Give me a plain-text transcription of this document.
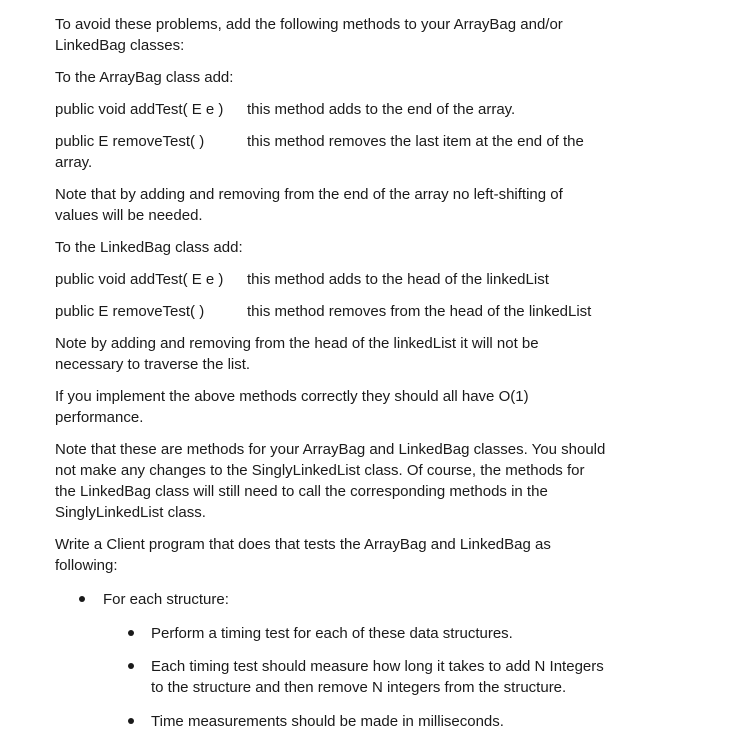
To avoid these problems, add the following methods to your ArrayBag and/or
LinkedBag classes:
To the ArrayBag class add:
public void addTest( E e ) this method adds to the end of the array.
public E removeTest( )	this method removes the last item at the end of the
array.
Note that by adding and removing from the end of the array no left-shifting of
values will be needed.
To the LinkedBag class add:
public void addTest( E e ) this method adds to the head of the linkedList
public E removeTest( )	this method removes from the head of the linkedList
Note by adding and removing from the head of the linkedList it will not be
necessary to traverse the list.
If you implement the above methods correctly they should all have O(1)
performance.
Note that these are methods for your ArrayBag and LinkedBag classes. You should
not make any changes to the SinglyLinkedList class. Of course, the methods for
the LinkedBag class will still need to call the corresponding methods in the
SinglyLinkedList class.
Write a Client program that does that tests the ArrayBag and LinkedBag as
following:
For each structure:
Perform a timing test for each of these data structures.
Each timing test should measure how long it takes to add N Integers
to the structure and then remove N integers from the structure.
Time measurements should be made in milliseconds.
